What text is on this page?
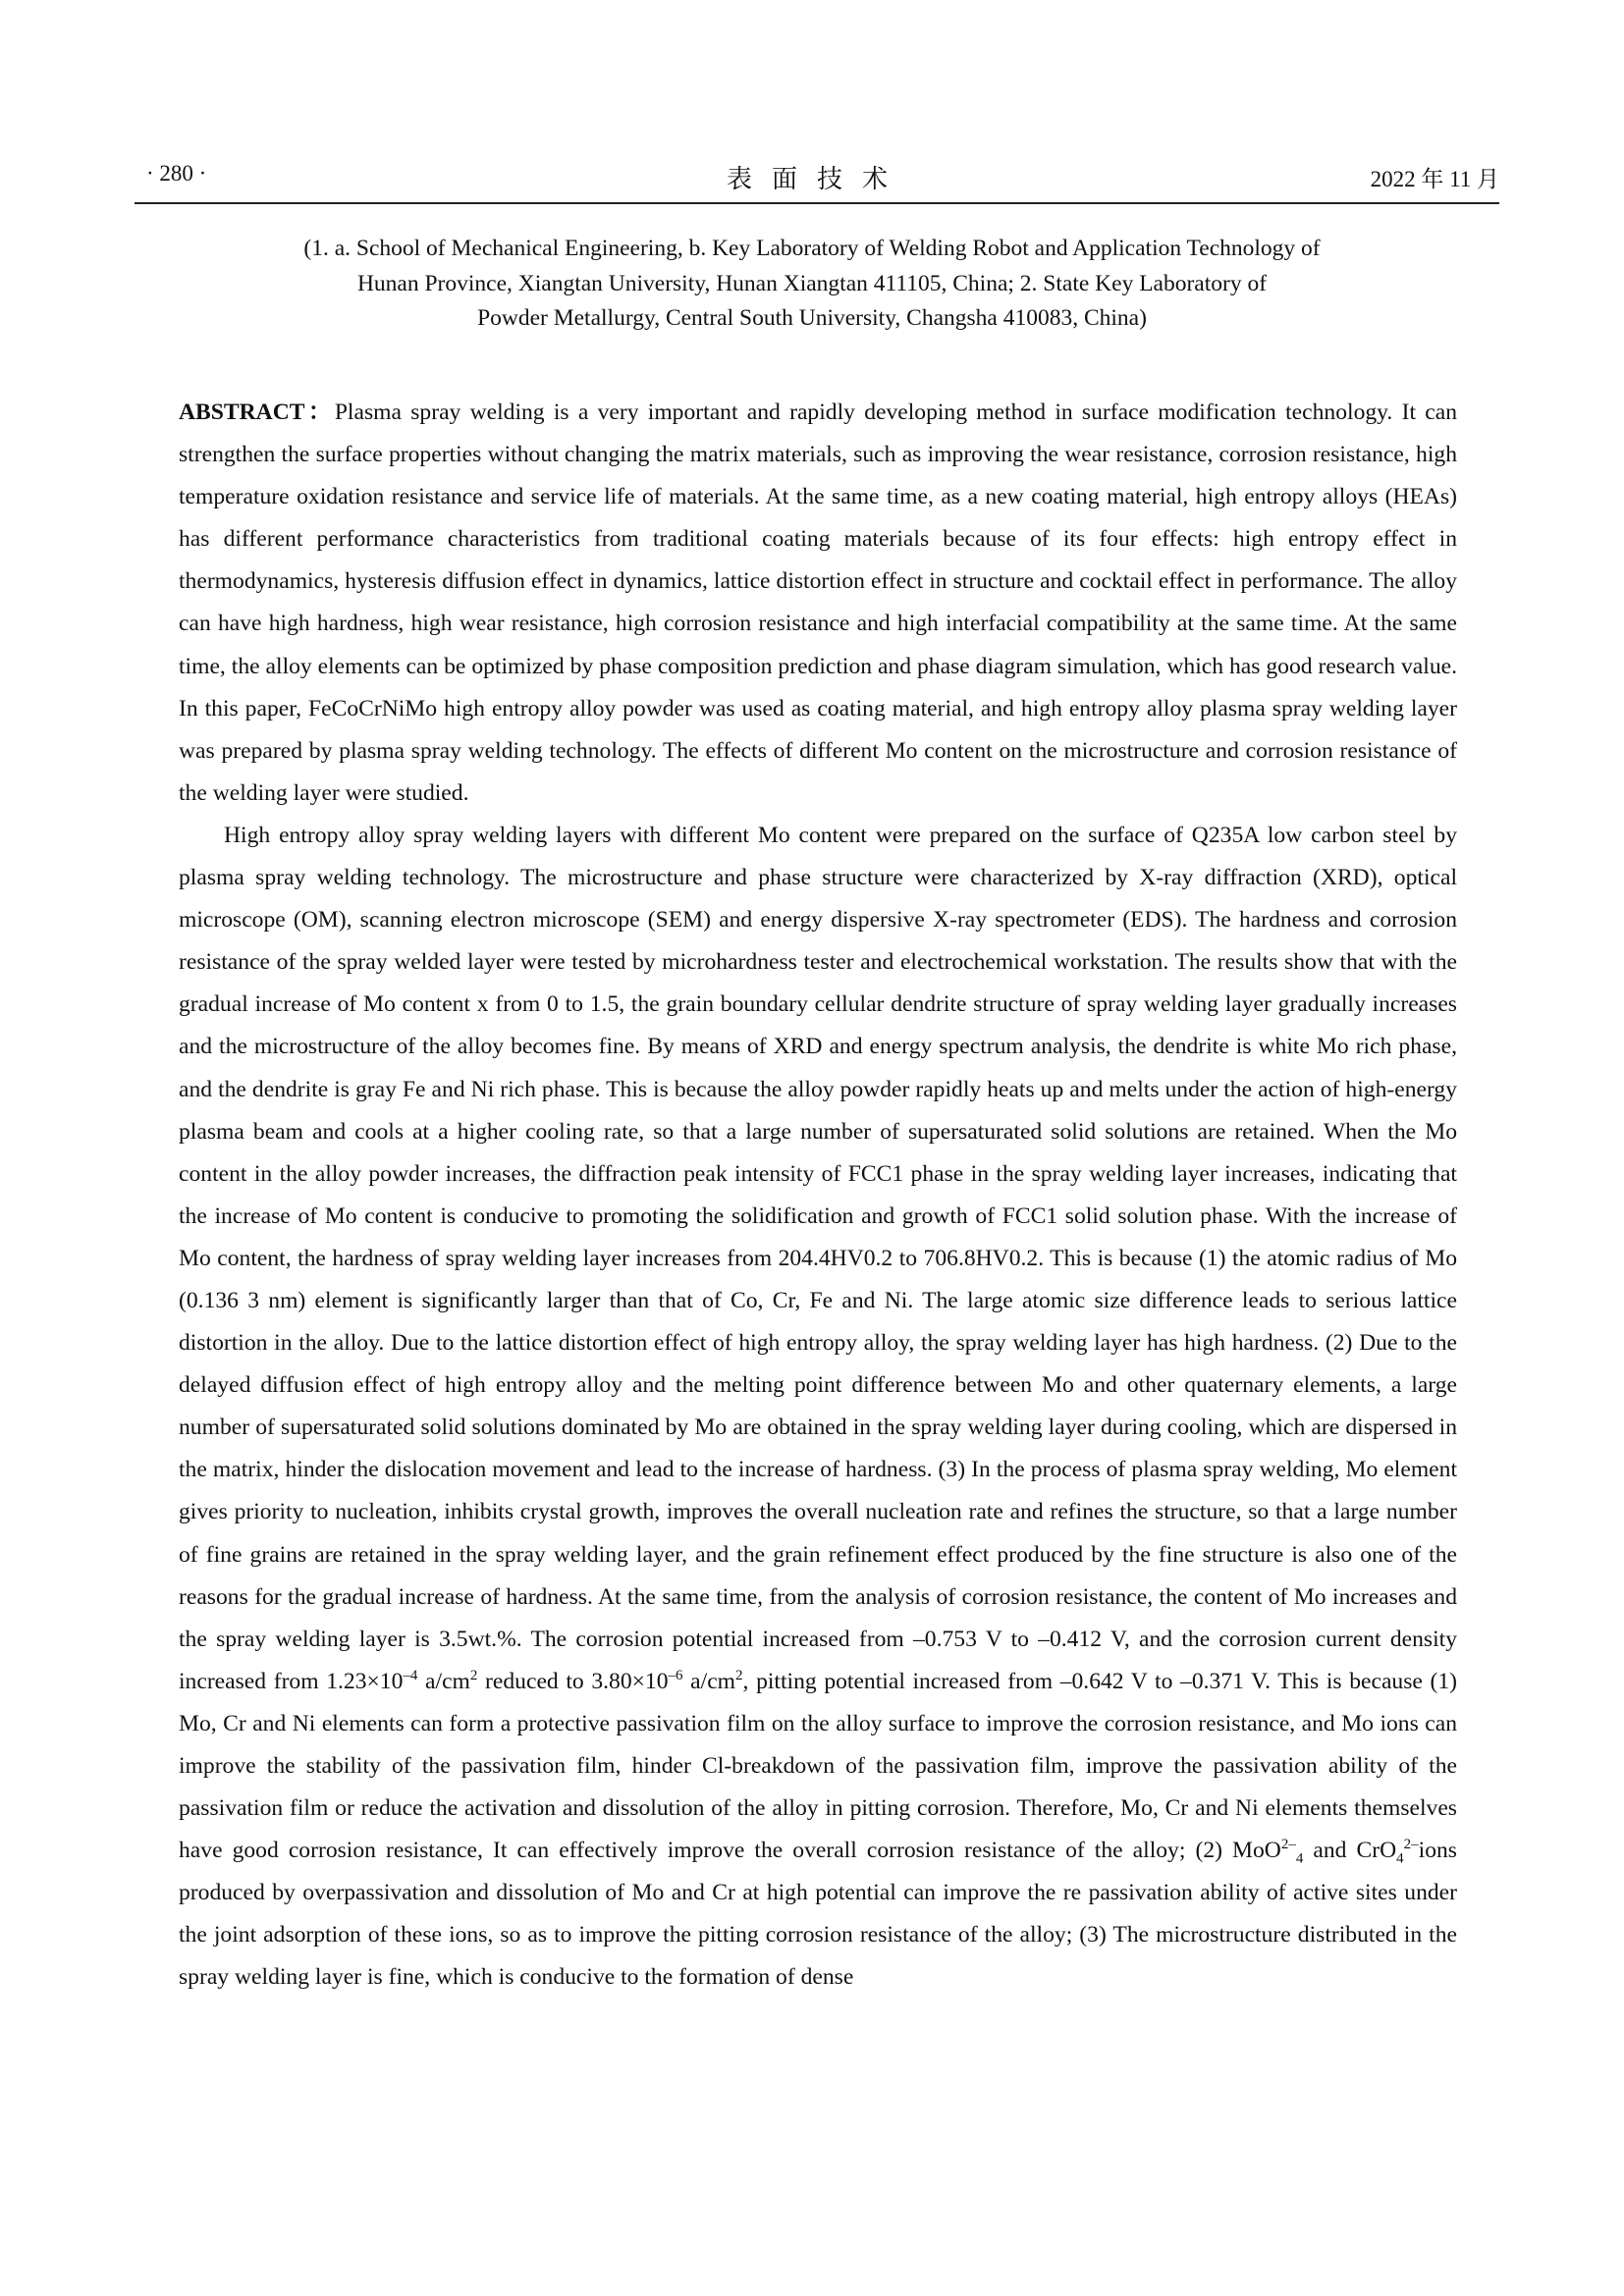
· 280 ·	表面技术	2022 年 11 月
(1. a. School of Mechanical Engineering, b. Key Laboratory of Welding Robot and Application Technology of
Hunan Province, Xiangtan University, Hunan Xiangtan 411105, China; 2. State Key Laboratory of
Powder Metallurgy, Central South University, Changsha 410083, China)

ABSTRACT：Plasma spray welding is a very important and rapidly developing method in surface modification technology. It can strengthen the surface properties without changing the matrix materials, such as improving the wear resistance, corrosion resistance, high temperature oxidation resistance and service life of materials. At the same time, as a new coating material, high entropy alloys (HEAs) has different performance characteristics from traditional coating materials because of its four effects: high entropy effect in thermodynamics, hysteresis diffusion effect in dynamics, lattice distortion effect in structure and cocktail effect in performance. The alloy can have high hardness, high wear resistance, high corrosion resistance and high interfacial compatibility at the same time. At the same time, the alloy elements can be optimized by phase composition prediction and phase diagram simulation, which has good research value. In this paper, FeCoCrNiMo high entropy alloy powder was used as coating material, and high entropy alloy plasma spray welding layer was prepared by plasma spray welding technology. The effects of different Mo content on the microstructure and corrosion resistance of the welding layer were studied.

High entropy alloy spray welding layers with different Mo content were prepared on the surface of Q235A low carbon steel by plasma spray welding technology. The microstructure and phase structure were characterized by X-ray diffraction (XRD), optical microscope (OM), scanning electron microscope (SEM) and energy dispersive X-ray spectrometer (EDS). The hardness and corrosion resistance of the spray welded layer were tested by microhardness tester and electrochemical workstation. The results show that with the gradual increase of Mo content x from 0 to 1.5, the grain boundary cellular dendrite structure of spray welding layer gradually increases and the microstructure of the alloy becomes fine. By means of XRD and energy spectrum analysis, the dendrite is white Mo rich phase, and the dendrite is gray Fe and Ni rich phase. This is because the alloy powder rapidly heats up and melts under the action of high-energy plasma beam and cools at a higher cooling rate, so that a large number of supersaturated solid solutions are retained. When the Mo content in the alloy powder increases, the diffraction peak intensity of FCC1 phase in the spray welding layer increases, indicating that the increase of Mo content is conducive to promoting the solidification and growth of FCC1 solid solution phase. With the increase of Mo content, the hardness of spray welding layer increases from 204.4HV0.2 to 706.8HV0.2. This is because (1) the atomic radius of Mo (0.136 3 nm) element is significantly larger than that of Co, Cr, Fe and Ni. The large atomic size difference leads to serious lattice distortion in the alloy. Due to the lattice distortion effect of high entropy alloy, the spray welding layer has high hardness. (2) Due to the delayed diffusion effect of high entropy alloy and the melting point difference between Mo and other quaternary elements, a large number of supersaturated solid solutions dominated by Mo are obtained in the spray welding layer during cooling, which are dispersed in the matrix, hinder the dislocation movement and lead to the increase of hardness. (3) In the process of plasma spray welding, Mo element gives priority to nucleation, inhibits crystal growth, improves the overall nucleation rate and refines the structure, so that a large number of fine grains are retained in the spray welding layer, and the grain refinement effect produced by the fine structure is also one of the reasons for the gradual increase of hardness. At the same time, from the analysis of corrosion resistance, the content of Mo increases and the spray welding layer is 3.5wt.%. The corrosion potential increased from –0.753 V to –0.412 V, and the corrosion current density increased from $1.23\times 10^{-4}$ $a/cm^2$ reduced to $3.80\times 10^{-6}$ $a/cm^2$, pitting potential increased from –0.642 V to –0.371 V. This is because (1) Mo, Cr and Ni elements can form a protective passivation film on the alloy surface to improve the corrosion resistance, and Mo ions can improve the stability of the passivation film, hinder Cl-breakdown of the passivation film, improve the passivation ability of the passivation film or reduce the activation and dissolution of the alloy in pitting corrosion. Therefore, Mo, Cr and Ni elements themselves have good corrosion resistance, It can effectively improve the overall corrosion resistance of the alloy; (2) MoO$^{2-}_4$ and CrO$_4^{2-}$ions produced by overpassivation and dissolution of Mo and Cr at high potential can improve the re passivation ability of active sites under the joint adsorption of these ions, so as to improve the pitting corrosion resistance of the alloy; (3) The microstructure distributed in the spray welding layer is fine, which is conducive to the formation of dense
